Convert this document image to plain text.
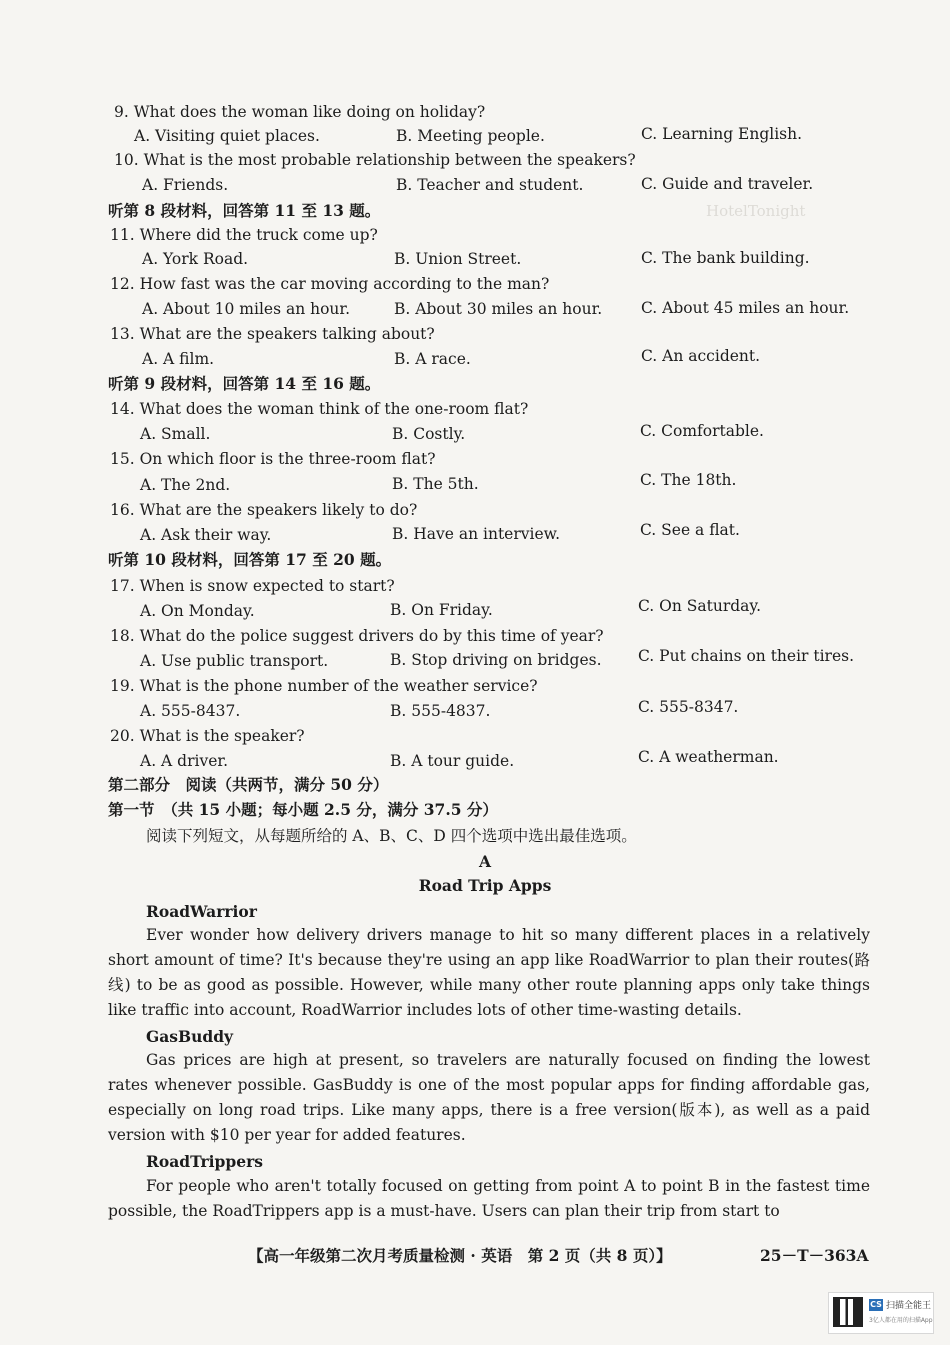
HotelTonight
9. What does the woman like doing on holiday?
A. Visiting quiet places.	B. Meeting people.	C. Learning English.
10. What is the most probable relationship between the speakers?
A. Friends.	B. Teacher and student.	C. Guide and traveler.
听第 8 段材料，回答第 11 至 13 题。
11. Where did the truck come up?
A. York Road.	B. Union Street.	C. The bank building.
12. How fast was the car moving according to the man?
A. About 10 miles an hour.	B. About 30 miles an hour.	C. About 45 miles an hour.
13. What are the speakers talking about?
A. A film.	B. A race.	C. An accident.
听第 9 段材料，回答第 14 至 16 题。
14. What does the woman think of the one-room flat?
A. Small.	B. Costly.	C. Comfortable.
15. On which floor is the three-room flat?
A. The 2nd.	B. The 5th.	C. The 18th.
16. What are the speakers likely to do?
A. Ask their way.	B. Have an interview.	C. See a flat.
听第 10 段材料，回答第 17 至 20 题。
17. When is snow expected to start?
A. On Monday.	B. On Friday.	C. On Saturday.
18. What do the police suggest drivers do by this time of year?
A. Use public transport.	B. Stop driving on bridges. C. Put chains on their tires.
19. What is the phone number of the weather service?
A. 555-8437.	B. 555-4837.	C. 555-8347.
20. What is the speaker?
A. A driver.	B. A tour guide.	C. A weatherman.
第二部分　阅读（共两节，满分 50 分）
第一节　（共 15 小题；每小题 2.5 分，满分 37.5 分）
阅读下列短文，从每题所给的 A、B、C、D 四个选项中选出最佳选项。
A
Road Trip Apps
RoadWarrior
Ever wonder how delivery drivers manage to hit so many different places in a relatively short amount of time? It's because they're using an app like RoadWarrior to plan their routes(路线) to be as good as possible. However, while many other route planning apps only take things like traffic into account, RoadWarrior includes lots of other time-wasting details.
GasBuddy
Gas prices are high at present, so travelers are naturally focused on finding the lowest rates whenever possible. GasBuddy is one of the most popular apps for finding affordable gas, especially on long road trips. Like many apps, there is a free version(版本), as well as a paid version with $10 per year for added features.
RoadTrippers
For people who aren't totally focused on getting from point A to point B in the fastest time possible, the RoadTrippers app is a must-have. Users can plan their trip from start to
【高一年级第二次月考质量检测 · 英语　第 2 页（共 8 页）】	25－T－363A
CS 扫描全能王
3亿人都在用的扫描App
